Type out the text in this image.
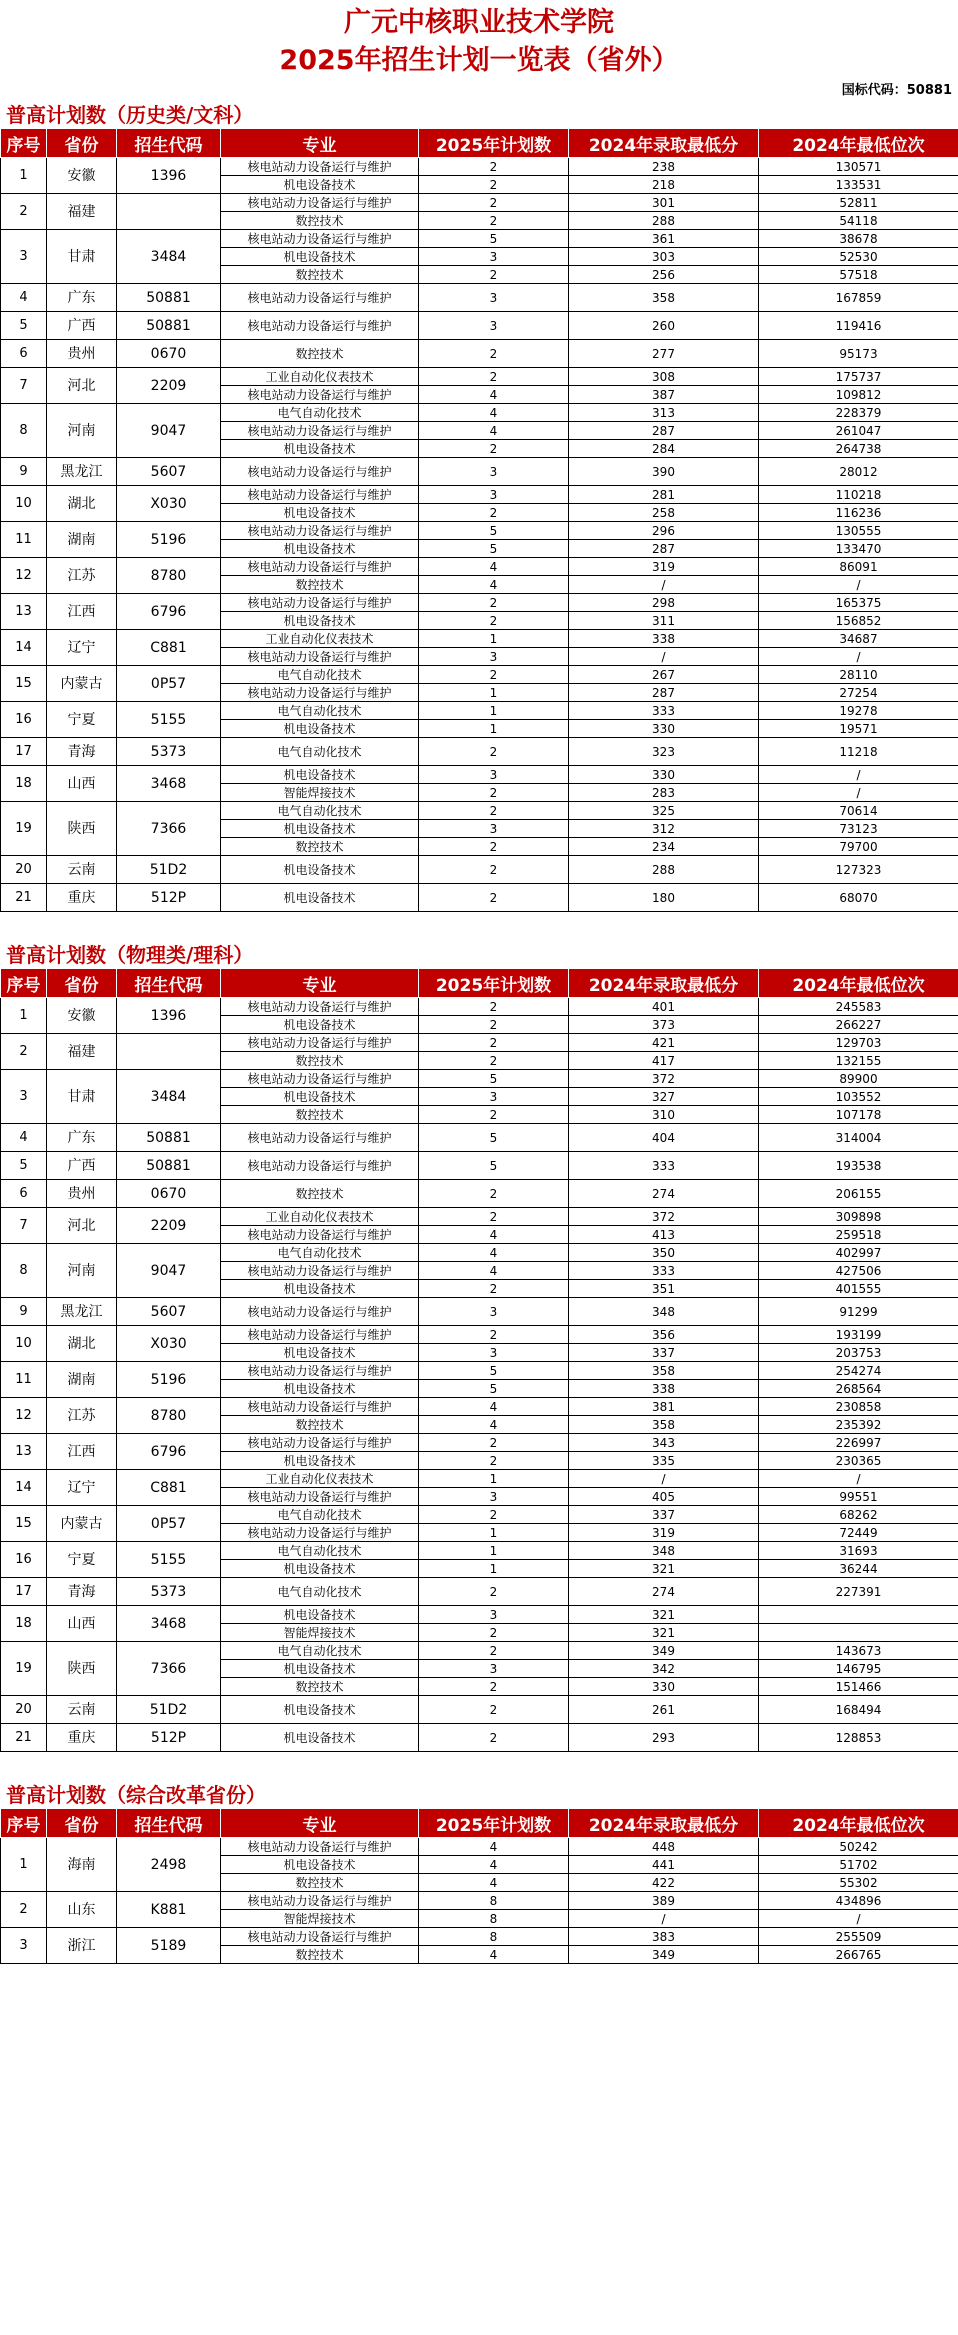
广元中核职业技术学院
2025年招生计划一览表（省外）
国标代码：50881
普高计划数（历史类/文科）
序号	省份	招生代码	专业	2025年计划数	2024年录取最低分	2024年最低位次
1	安徽	1396	核电站动力设备运行与维护	2	238	130571
			机电设备技术	2	218	133531
2	福建		核电站动力设备运行与维护	2	301	52811
			数控技术	2	288	54118
3	甘肃	3484	核电站动力设备运行与维护	5	361	38678
			机电设备技术	3	303	52530
			数控技术	2	256	57518
4	广东	50881	核电站动力设备运行与维护	3	358	167859
5	广西	50881	核电站动力设备运行与维护	3	260	119416
6	贵州	0670	数控技术	2	277	95173
7	河北	2209	工业自动化仪表技术	2	308	175737
			核电站动力设备运行与维护	4	387	109812
8	河南	9047	电气自动化技术	4	313	228379
			核电站动力设备运行与维护	4	287	261047
			机电设备技术	2	284	264738
9	黑龙江	5607	核电站动力设备运行与维护	3	390	28012
10	湖北	X030	核电站动力设备运行与维护	3	281	110218
			机电设备技术	2	258	116236
11	湖南	5196	核电站动力设备运行与维护	5	296	130555
			机电设备技术	5	287	133470
12	江苏	8780	核电站动力设备运行与维护	4	319	86091
			数控技术	4	/	/
13	江西	6796	核电站动力设备运行与维护	2	298	165375
			机电设备技术	2	311	156852
14	辽宁	C881	工业自动化仪表技术	1	338	34687
			核电站动力设备运行与维护	3	/	/
15	内蒙古	0P57	电气自动化技术	2	267	28110
			核电站动力设备运行与维护	1	287	27254
16	宁夏	5155	电气自动化技术	1	333	19278
			机电设备技术	1	330	19571
17	青海	5373	电气自动化技术	2	323	11218
18	山西	3468	机电设备技术	3	330	/
			智能焊接技术	2	283	/
19	陕西	7366	电气自动化技术	2	325	70614
			机电设备技术	3	312	73123
			数控技术	2	234	79700
20	云南	51D2	机电设备技术	2	288	127323
21	重庆	512P	机电设备技术	2	180	68070
普高计划数（物理类/理科）
序号	省份	招生代码	专业	2025年计划数	2024年录取最低分	2024年最低位次
1	安徽	1396	核电站动力设备运行与维护	2	401	245583
			机电设备技术	2	373	266227
2	福建		核电站动力设备运行与维护	2	421	129703
			数控技术	2	417	132155
3	甘肃	3484	核电站动力设备运行与维护	5	372	89900
			机电设备技术	3	327	103552
			数控技术	2	310	107178
4	广东	50881	核电站动力设备运行与维护	5	404	314004
5	广西	50881	核电站动力设备运行与维护	5	333	193538
6	贵州	0670	数控技术	2	274	206155
7	河北	2209	工业自动化仪表技术	2	372	309898
			核电站动力设备运行与维护	4	413	259518
8	河南	9047	电气自动化技术	4	350	402997
			核电站动力设备运行与维护	4	333	427506
			机电设备技术	2	351	401555
9	黑龙江	5607	核电站动力设备运行与维护	3	348	91299
10	湖北	X030	核电站动力设备运行与维护	2	356	193199
			机电设备技术	3	337	203753
11	湖南	5196	核电站动力设备运行与维护	5	358	254274
			机电设备技术	5	338	268564
12	江苏	8780	核电站动力设备运行与维护	4	381	230858
			数控技术	4	358	235392
13	江西	6796	核电站动力设备运行与维护	2	343	226997
			机电设备技术	2	335	230365
14	辽宁	C881	工业自动化仪表技术	1	/	/
			核电站动力设备运行与维护	3	405	99551
15	内蒙古	0P57	电气自动化技术	2	337	68262
			核电站动力设备运行与维护	1	319	72449
16	宁夏	5155	电气自动化技术	1	348	31693
			机电设备技术	1	321	36244
17	青海	5373	电气自动化技术	2	274	227391
18	山西	3468	机电设备技术	3	321	
			智能焊接技术	2	321	
19	陕西	7366	电气自动化技术	2	349	143673
			机电设备技术	3	342	146795
			数控技术	2	330	151466
20	云南	51D2	机电设备技术	2	261	168494
21	重庆	512P	机电设备技术	2	293	128853
普高计划数（综合改革省份）
序号	省份	招生代码	专业	2025年计划数	2024年录取最低分	2024年最低位次
1	海南	2498	核电站动力设备运行与维护	4	448	50242
			机电设备技术	4	441	51702
			数控技术	4	422	55302
2	山东	K881	核电站动力设备运行与维护	8	389	434896
			智能焊接技术	8	/	/
3	浙江	5189	核电站动力设备运行与维护	8	383	255509
			数控技术	4	349	266765
